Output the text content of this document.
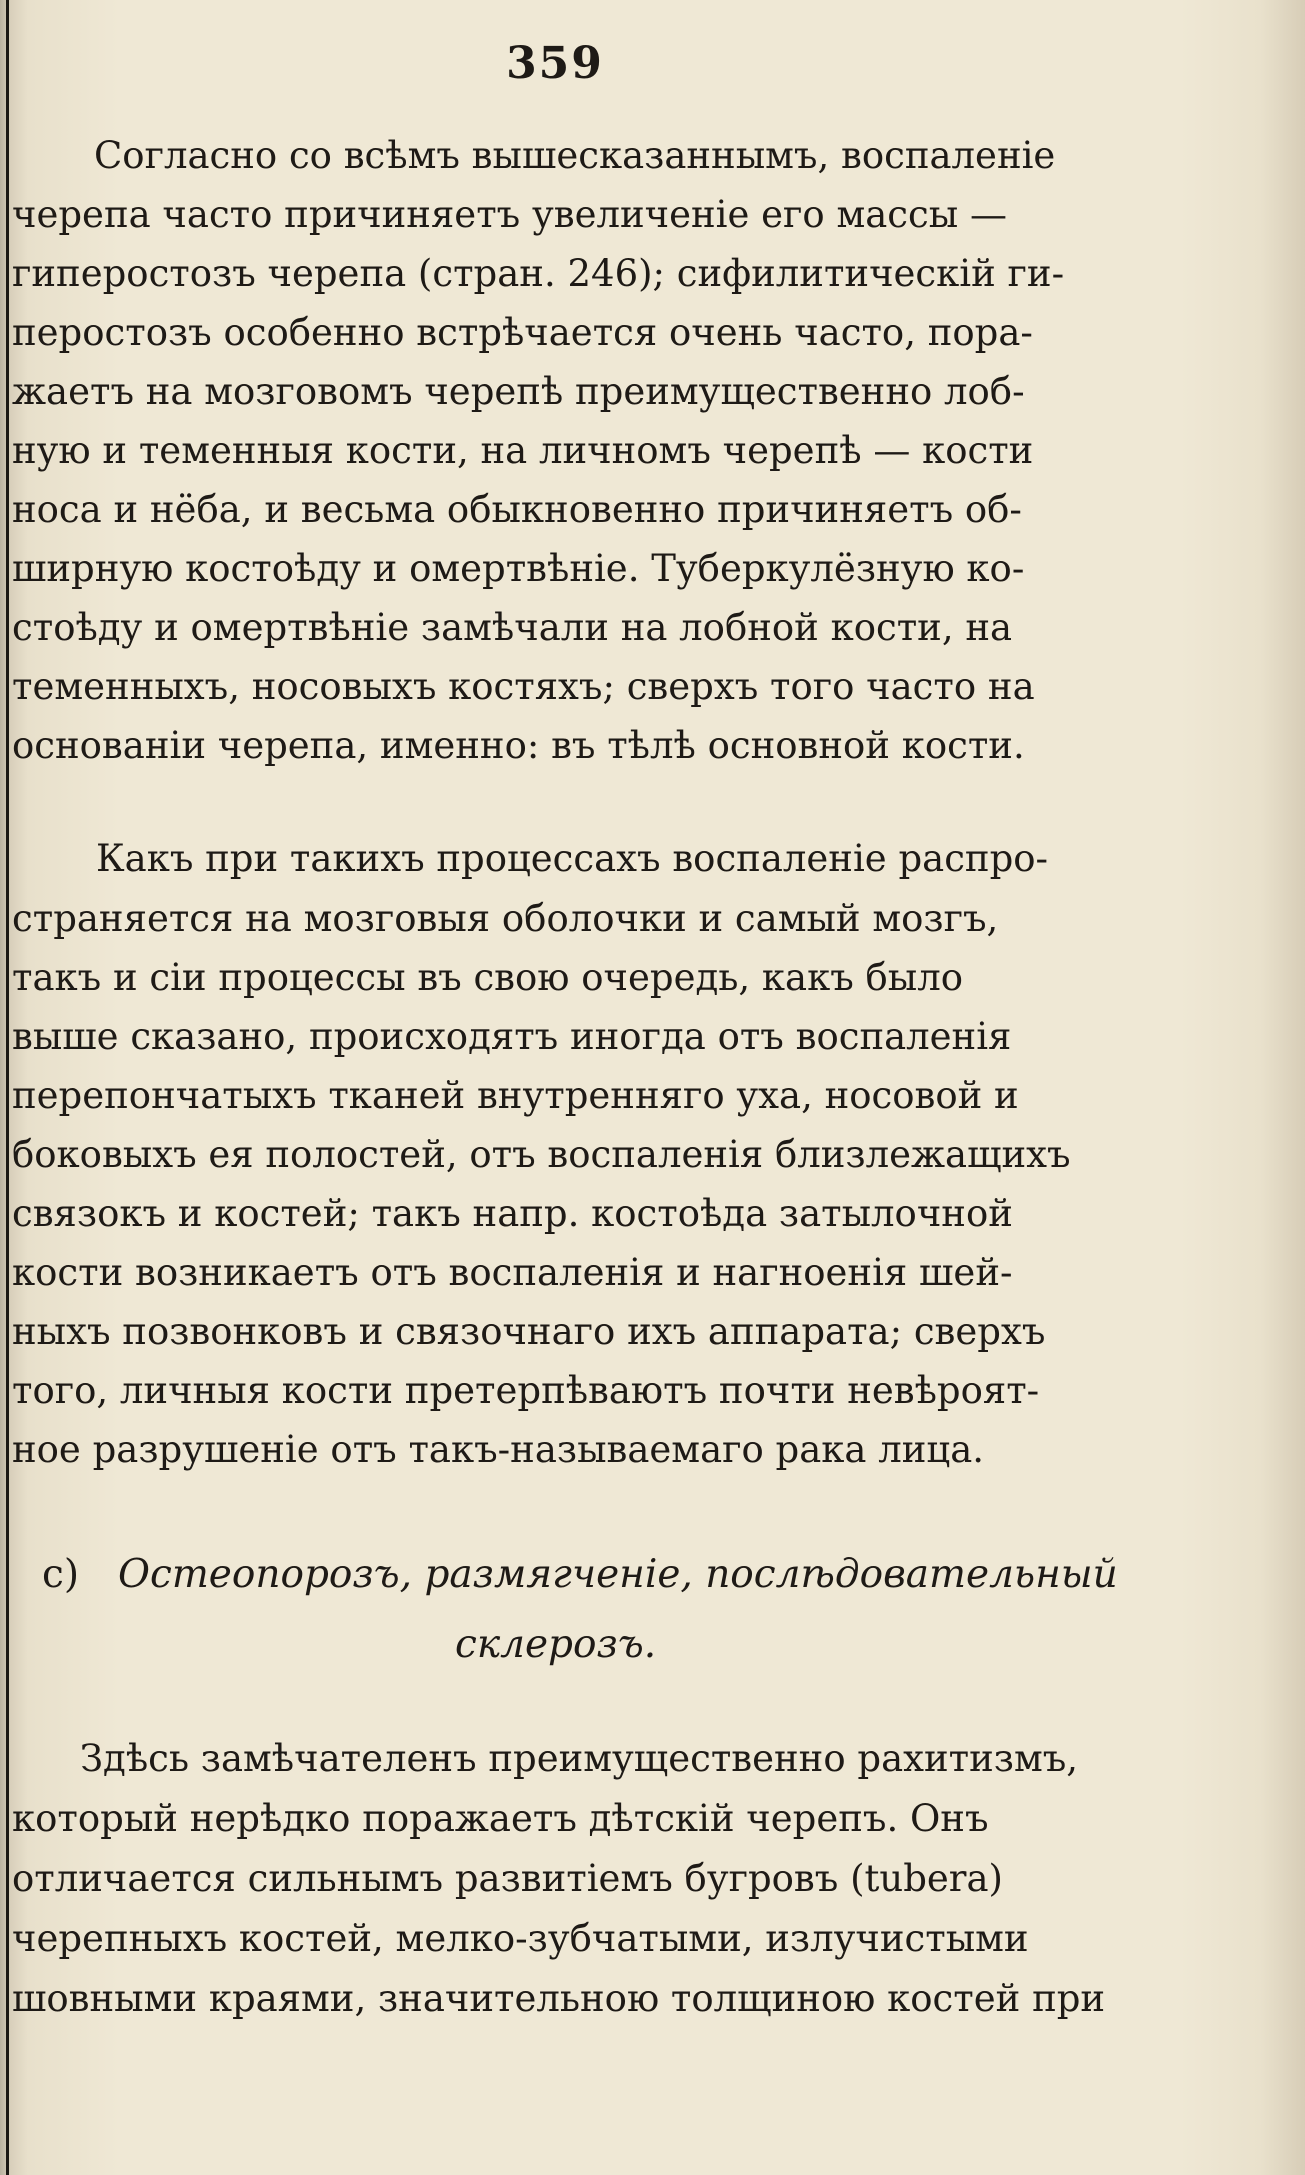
359
Согласно со всѣмъ вышесказаннымъ, воспаленіе
черепа часто причиняетъ увеличеніе его массы —
гиперостозъ черепа (стран. 246); сифилитическій ги-
перостозъ особенно встрѣчается очень часто, пора-
жаетъ на мозговомъ черепѣ преимущественно лоб-
ную и теменныя кости, на личномъ черепѣ — кости
носа и нёба, и весьма обыкновенно причиняетъ об-
ширную костоѣду и омертвѣніе. Туберкулёзную ко-
стоѣду и омертвѣніе замѣчали на лобной кости, на
теменныхъ, носовыхъ костяхъ; сверхъ того часто на
основаніи черепа, именно: въ тѣлѣ основной кости.
Какъ при такихъ процессахъ воспаленіе распро-
страняется на мозговыя оболочки и самый мозгъ,
такъ и сіи процессы въ свою очередь, какъ было
выше сказано, происходятъ иногда отъ воспаленія
перепончатыхъ тканей внутренняго уха, носовой и
боковыхъ ея полостей, отъ воспаленія близлежащихъ
связокъ и костей; такъ напр. костоѣда затылочной
кости возникаетъ отъ воспаленія и нагноенія шей-
ныхъ позвонковъ и связочнаго ихъ аппарата; сверхъ
того, личныя кости претерпѣваютъ почти невѣроят-
ное разрушеніе отъ такъ-называемаго рака лица.
c) Остеопорозъ, размягченіе, послѣдовательный
склерозъ.
Здѣсь замѣчателенъ преимущественно рахитизмъ,
который нерѣдко поражаетъ дѣтскій черепъ. Онъ
отличается сильнымъ развитіемъ бугровъ (tubera)
черепныхъ костей, мелко-зубчатыми, излучистыми
шовными краями, значительною толщиною костей при
